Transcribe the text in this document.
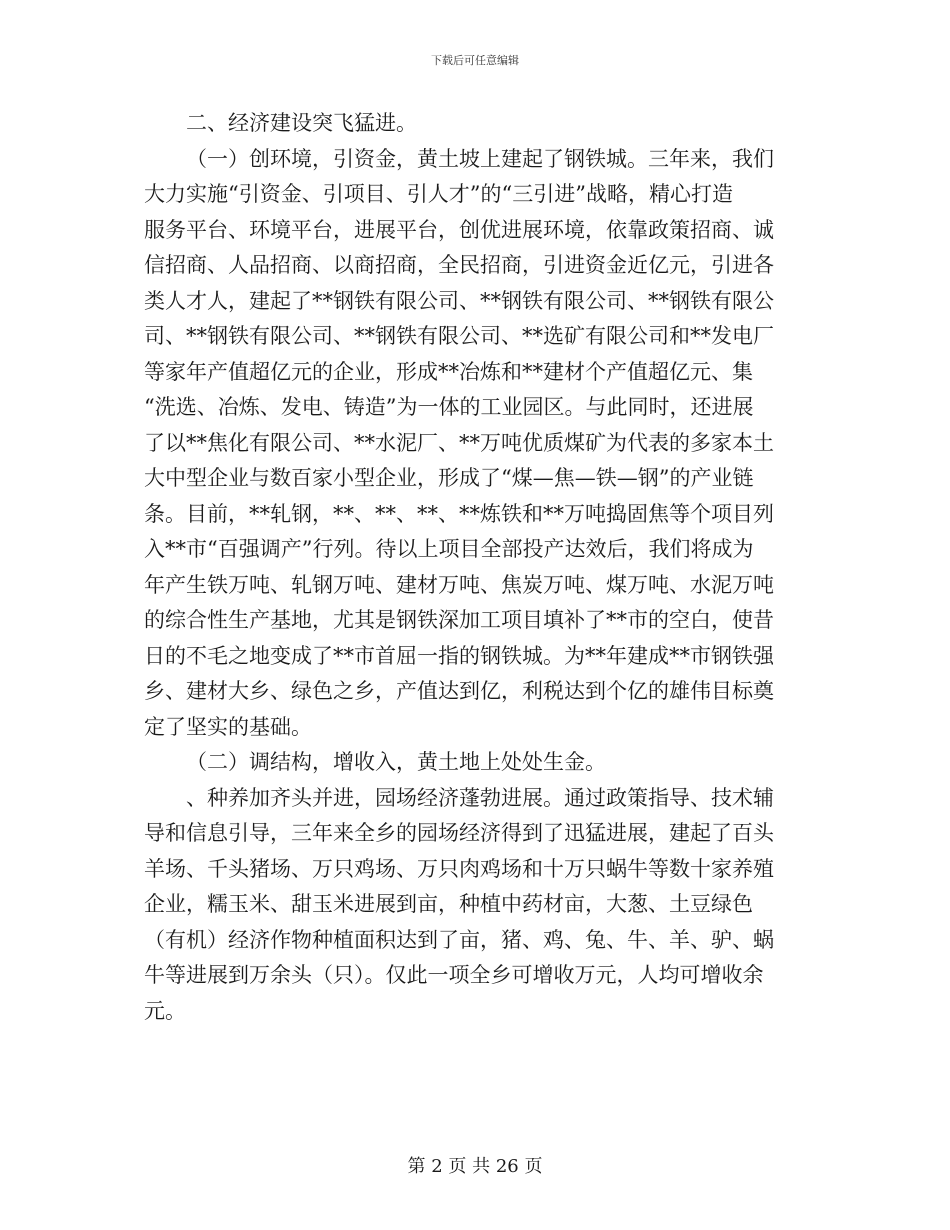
下载后可任意编辑
二、经济建设突飞猛进。
（一）创环境，引资金，黄土坡上建起了钢铁城。三年来，我们
大力实施“引资金、引项目、引人才”的“三引进”战略，精心打造
服务平台、环境平台，进展平台，创优进展环境，依靠政策招商、诚
信招商、人品招商、以商招商，全民招商，引进资金近亿元，引进各
类人才人，建起了**钢铁有限公司、**钢铁有限公司、**钢铁有限公
司、**钢铁有限公司、**钢铁有限公司、**选矿有限公司和**发电厂
等家年产值超亿元的企业，形成**冶炼和**建材个产值超亿元、集
“洗选、冶炼、发电、铸造”为一体的工业园区。与此同时，还进展
了以**焦化有限公司、**水泥厂、**万吨优质煤矿为代表的多家本土
大中型企业与数百家小型企业，形成了“煤—焦—铁—钢”的产业链
条。目前，**轧钢，**、**、**、**炼铁和**万吨捣固焦等个项目列
入**市“百强调产”行列。待以上项目全部投产达效后，我们将成为
年产生铁万吨、轧钢万吨、建材万吨、焦炭万吨、煤万吨、水泥万吨
的综合性生产基地，尤其是钢铁深加工项目填补了**市的空白，使昔
日的不毛之地变成了**市首屈一指的钢铁城。为**年建成**市钢铁强
乡、建材大乡、绿色之乡，产值达到亿，利税达到个亿的雄伟目标奠
定了坚实的基础。
（二）调结构，增收入，黄土地上处处生金。
、种养加齐头并进，园场经济蓬勃进展。通过政策指导、技术辅
导和信息引导，三年来全乡的园场经济得到了迅猛进展，建起了百头
羊场、千头猪场、万只鸡场、万只肉鸡场和十万只蜗牛等数十家养殖
企业，糯玉米、甜玉米进展到亩，种植中药材亩，大葱、土豆绿色
（有机）经济作物种植面积达到了亩，猪、鸡、兔、牛、羊、驴、蜗
牛等进展到万余头（只）。仅此一项全乡可增收万元，人均可增收余
元。
第 2 页 共 26 页
